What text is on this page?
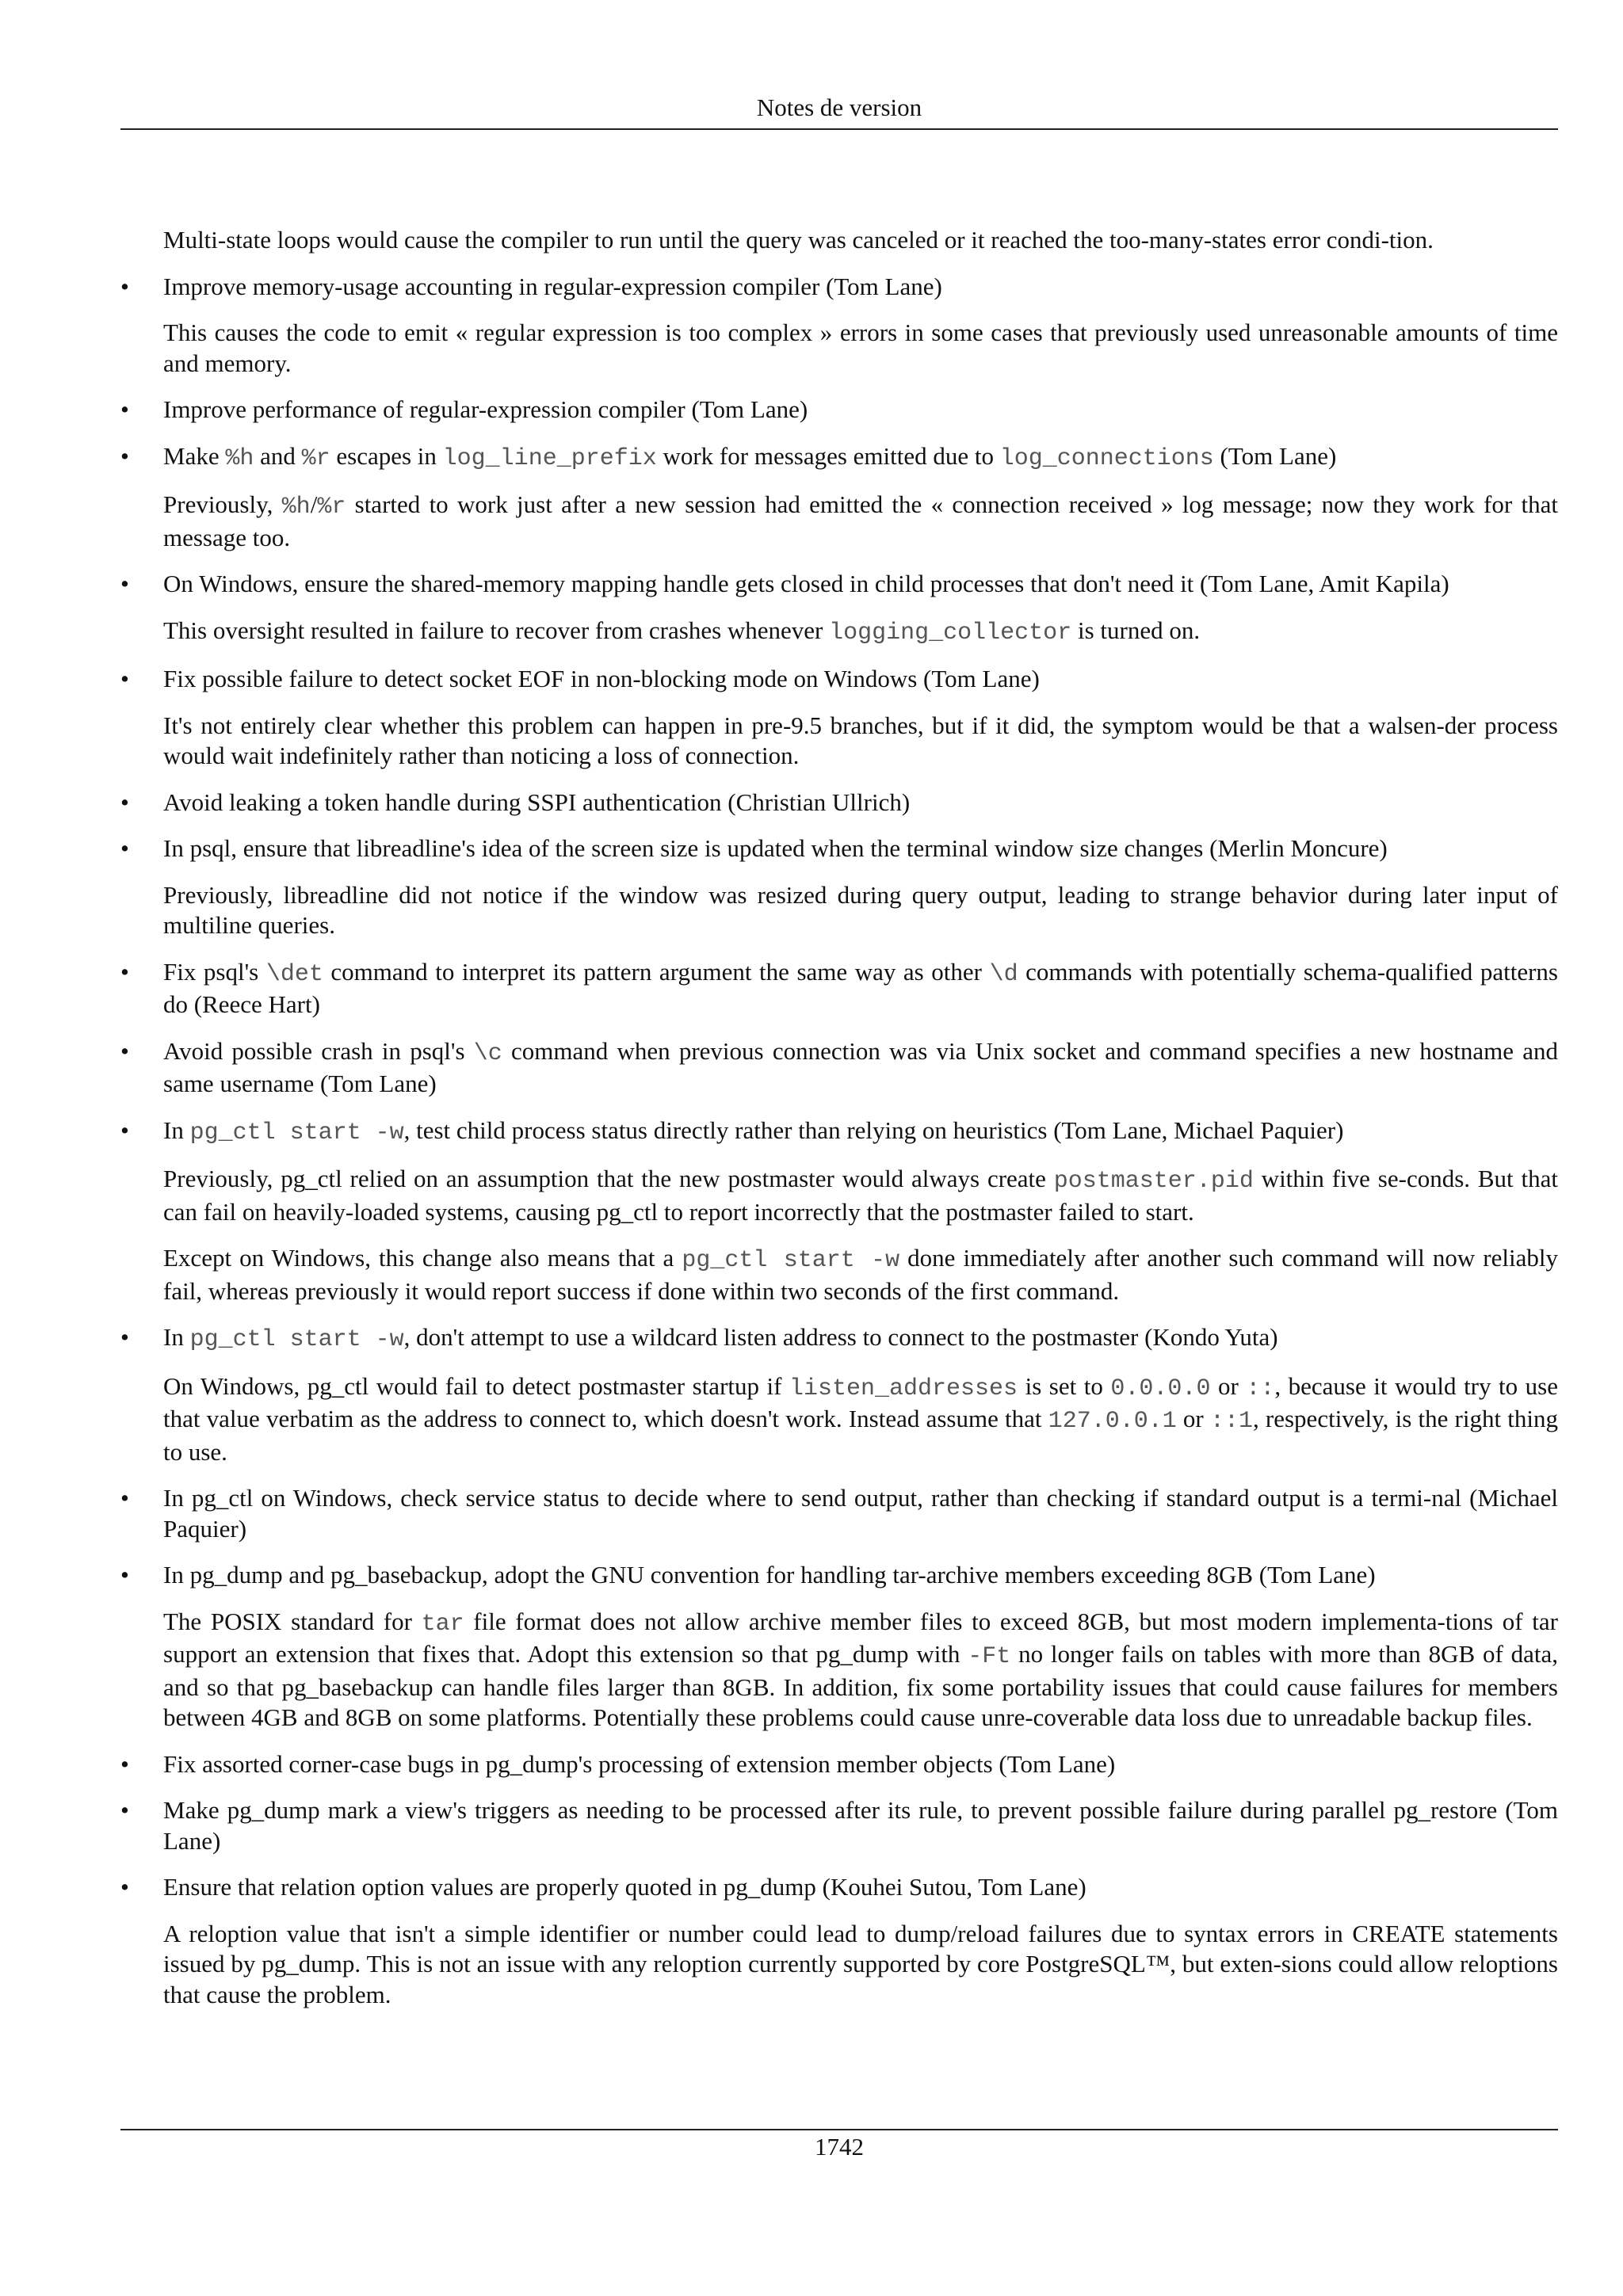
Notes de version
Multi-state loops would cause the compiler to run until the query was canceled or it reached the too-many-states error condi-tion.
• Improve memory-usage accounting in regular-expression compiler (Tom Lane)
This causes the code to emit « regular expression is too complex » errors in some cases that previously used unreasonable amounts of time and memory.
• Improve performance of regular-expression compiler (Tom Lane)
• Make %h and %r escapes in log_line_prefix work for messages emitted due to log_connections (Tom Lane)
Previously, %h/%r started to work just after a new session had emitted the « connection received » log message; now they work for that message too.
• On Windows, ensure the shared-memory mapping handle gets closed in child processes that don't need it (Tom Lane, Amit Kapila)
This oversight resulted in failure to recover from crashes whenever logging_collector is turned on.
• Fix possible failure to detect socket EOF in non-blocking mode on Windows (Tom Lane)
It's not entirely clear whether this problem can happen in pre-9.5 branches, but if it did, the symptom would be that a walsen-der process would wait indefinitely rather than noticing a loss of connection.
• Avoid leaking a token handle during SSPI authentication (Christian Ullrich)
• In psql, ensure that libreadline's idea of the screen size is updated when the terminal window size changes (Merlin Moncure)
Previously, libreadline did not notice if the window was resized during query output, leading to strange behavior during later input of multiline queries.
• Fix psql's \det command to interpret its pattern argument the same way as other \d commands with potentially schema-qualified patterns do (Reece Hart)
• Avoid possible crash in psql's \c command when previous connection was via Unix socket and command specifies a new hostname and same username (Tom Lane)
• In pg_ctl start -w, test child process status directly rather than relying on heuristics (Tom Lane, Michael Paquier)
Previously, pg_ctl relied on an assumption that the new postmaster would always create postmaster.pid within five se-conds. But that can fail on heavily-loaded systems, causing pg_ctl to report incorrectly that the postmaster failed to start.
Except on Windows, this change also means that a pg_ctl start -w done immediately after another such command will now reliably fail, whereas previously it would report success if done within two seconds of the first command.
• In pg_ctl start -w, don't attempt to use a wildcard listen address to connect to the postmaster (Kondo Yuta)
On Windows, pg_ctl would fail to detect postmaster startup if listen_addresses is set to 0.0.0.0 or ::, because it would try to use that value verbatim as the address to connect to, which doesn't work. Instead assume that 127.0.0.1 or ::1, respectively, is the right thing to use.
• In pg_ctl on Windows, check service status to decide where to send output, rather than checking if standard output is a termi-nal (Michael Paquier)
• In pg_dump and pg_basebackup, adopt the GNU convention for handling tar-archive members exceeding 8GB (Tom Lane)
The POSIX standard for tar file format does not allow archive member files to exceed 8GB, but most modern implementa-tions of tar support an extension that fixes that. Adopt this extension so that pg_dump with -Ft no longer fails on tables with more than 8GB of data, and so that pg_basebackup can handle files larger than 8GB. In addition, fix some portability issues that could cause failures for members between 4GB and 8GB on some platforms. Potentially these problems could cause unre-coverable data loss due to unreadable backup files.
• Fix assorted corner-case bugs in pg_dump's processing of extension member objects (Tom Lane)
• Make pg_dump mark a view's triggers as needing to be processed after its rule, to prevent possible failure during parallel pg_restore (Tom Lane)
• Ensure that relation option values are properly quoted in pg_dump (Kouhei Sutou, Tom Lane)
A reloption value that isn't a simple identifier or number could lead to dump/reload failures due to syntax errors in CREATE statements issued by pg_dump. This is not an issue with any reloption currently supported by core PostgreSQL™, but exten-sions could allow reloptions that cause the problem.
1742
